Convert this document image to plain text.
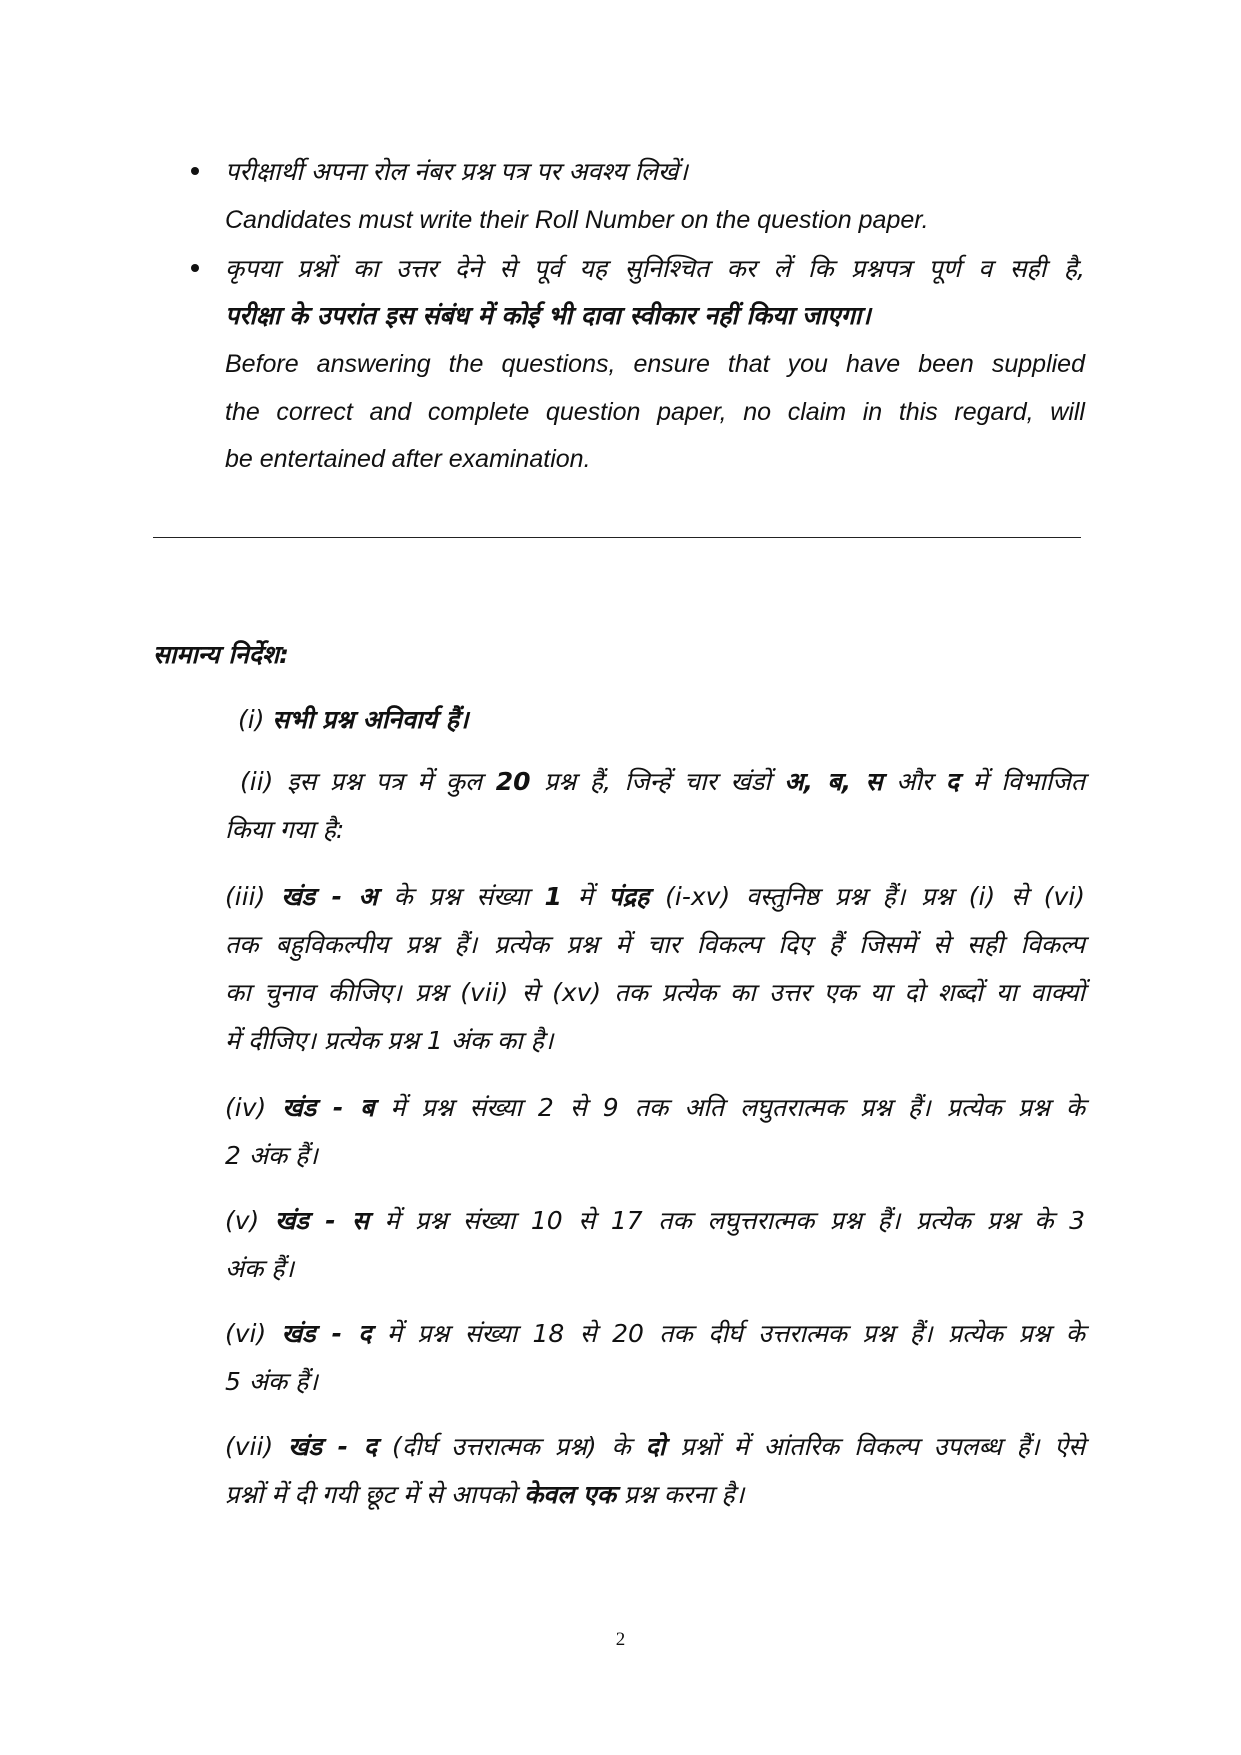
परीक्षार्थी अपना रोल नंबर प्रश्न पत्र पर अवश्य लिखें।
Candidates must write their Roll Number on the question paper.
कृपया प्रश्नों का उत्तर देने से पूर्व यह सुनिश्चित कर लें कि प्रश्नपत्र पूर्ण व सही है,
परीक्षा के उपरांत इस संबंध में कोई भी दावा स्वीकार नहीं किया जाएगा।
Before answering the questions, ensure that you have been supplied
the correct and complete question paper, no claim in this regard, will
be entertained after examination.
सामान्य निर्देश:
(i) सभी प्रश्न अनिवार्य हैं।
(ii) इस प्रश्न पत्र में कुल 20 प्रश्न हैं, जिन्हें चार खंडों अ, ब, स और द में विभाजित
किया गया है:
(iii) खंड - अ के प्रश्न संख्या 1 में पंद्रह (i-xv) वस्तुनिष्ठ प्रश्न हैं। प्रश्न (i) से (vi)
तक बहुविकल्पीय प्रश्न हैं। प्रत्येक प्रश्न में चार विकल्प दिए हैं जिसमें से सही विकल्प
का चुनाव कीजिए। प्रश्न (vii) से (xv) तक प्रत्येक का उत्तर एक या दो शब्दों या वाक्यों
में दीजिए। प्रत्येक प्रश्न 1 अंक का है।
(iv) खंड - ब में प्रश्न संख्या 2 से 9 तक अति लघुतरात्मक प्रश्न हैं। प्रत्येक प्रश्न के
2 अंक हैं।
(v) खंड - स में प्रश्न संख्या 10 से 17 तक लघुत्तरात्मक प्रश्न हैं। प्रत्येक प्रश्न के 3
अंक हैं।
(vi) खंड - द में प्रश्न संख्या 18 से 20 तक दीर्घ उत्तरात्मक प्रश्न हैं। प्रत्येक प्रश्न के
5 अंक हैं।
(vii) खंड - द (दीर्घ उत्तरात्मक प्रश्न) के दो प्रश्नों में आंतरिक विकल्प उपलब्ध हैं। ऐसे
प्रश्नों में दी गयी छूट में से आपको केवल एक प्रश्न करना है।
2
